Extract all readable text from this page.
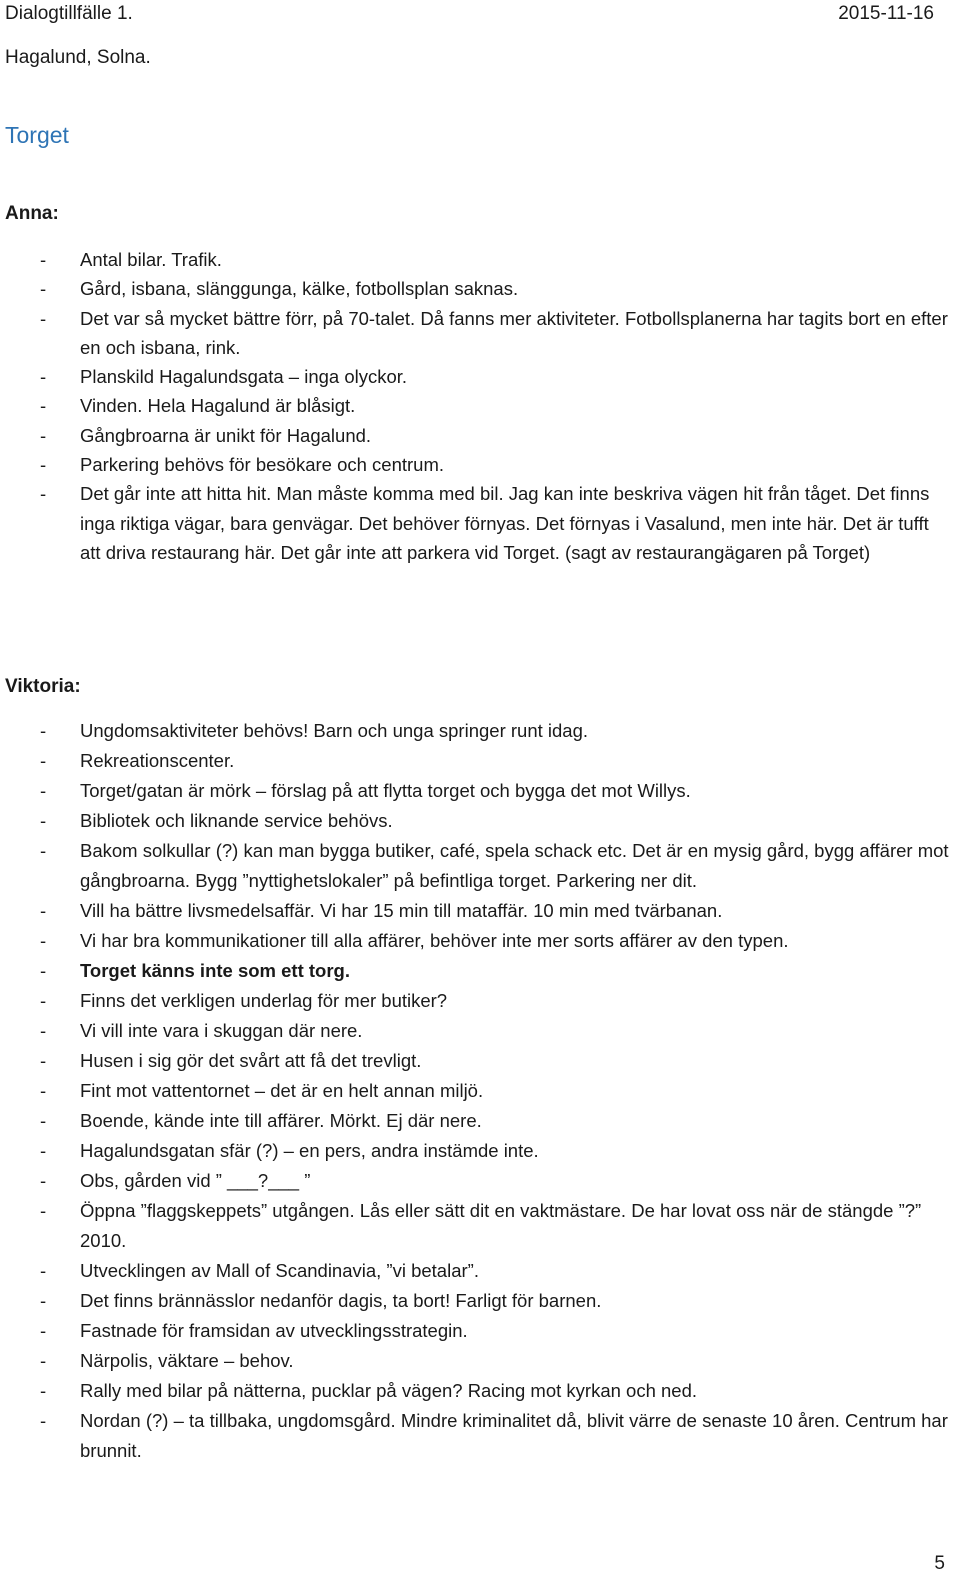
Dialogtillfälle 1.	2015-11-16
Hagalund, Solna.
Torget
Anna:
- Antal bilar. Trafik.
- Gård, isbana, slänggunga, kälke, fotbollsplan saknas.
- Det var så mycket bättre förr, på 70-talet. Då fanns mer aktiviteter. Fotbollsplanerna har tagits bort en efter en och isbana, rink.
- Planskild Hagalundsgata – inga olyckor.
- Vinden. Hela Hagalund är blåsigt.
- Gångbroarna är unikt för Hagalund.
- Parkering behövs för besökare och centrum.
- Det går inte att hitta hit. Man måste komma med bil. Jag kan inte beskriva vägen hit från tåget. Det finns inga riktiga vägar, bara genvägar. Det behöver förnyas. Det förnyas i Vasalund, men inte här. Det är tufft att driva restaurang här. Det går inte att parkera vid Torget. (sagt av restaurangägaren på Torget)
Viktoria:
- Ungdomsaktiviteter behövs! Barn och unga springer runt idag.
- Rekreationscenter.
- Torget/gatan är mörk – förslag på att flytta torget och bygga det mot Willys.
- Bibliotek och liknande service behövs.
- Bakom solkullar (?) kan man bygga butiker, café, spela schack etc. Det är en mysig gård, bygg affärer mot gångbroarna. Bygg ”nyttighetslokaler” på befintliga torget. Parkering ner dit.
- Vill ha bättre livsmedelsaffär. Vi har 15 min till mataffär. 10 min med tvärbanan.
- Vi har bra kommunikationer till alla affärer, behöver inte mer sorts affärer av den typen.
- Torget känns inte som ett torg.
- Finns det verkligen underlag för mer butiker?
- Vi vill inte vara i skuggan där nere.
- Husen i sig gör det svårt att få det trevligt.
- Fint mot vattentornet – det är en helt annan miljö.
- Boende, kände inte till affärer. Mörkt. Ej där nere.
- Hagalundsgatan sfär (?) – en pers, andra instämde inte.
- Obs, gården vid ” ___?___ ”
- Öppna ”flaggskeppets” utgången. Lås eller sätt dit en vaktmästare. De har lovat oss när de stängde ”?” 2010.
- Utvecklingen av Mall of Scandinavia, ”vi betalar”.
- Det finns brännässlor nedanför dagis, ta bort! Farligt för barnen.
- Fastnade för framsidan av utvecklingsstrategin.
- Närpolis, väktare – behov.
- Rally med bilar på nätterna, pucklar på vägen? Racing mot kyrkan och ned.
- Nordan (?) – ta tillbaka, ungdomsgård. Mindre kriminalitet då, blivit värre de senaste 10 åren. Centrum har brunnit.
5
